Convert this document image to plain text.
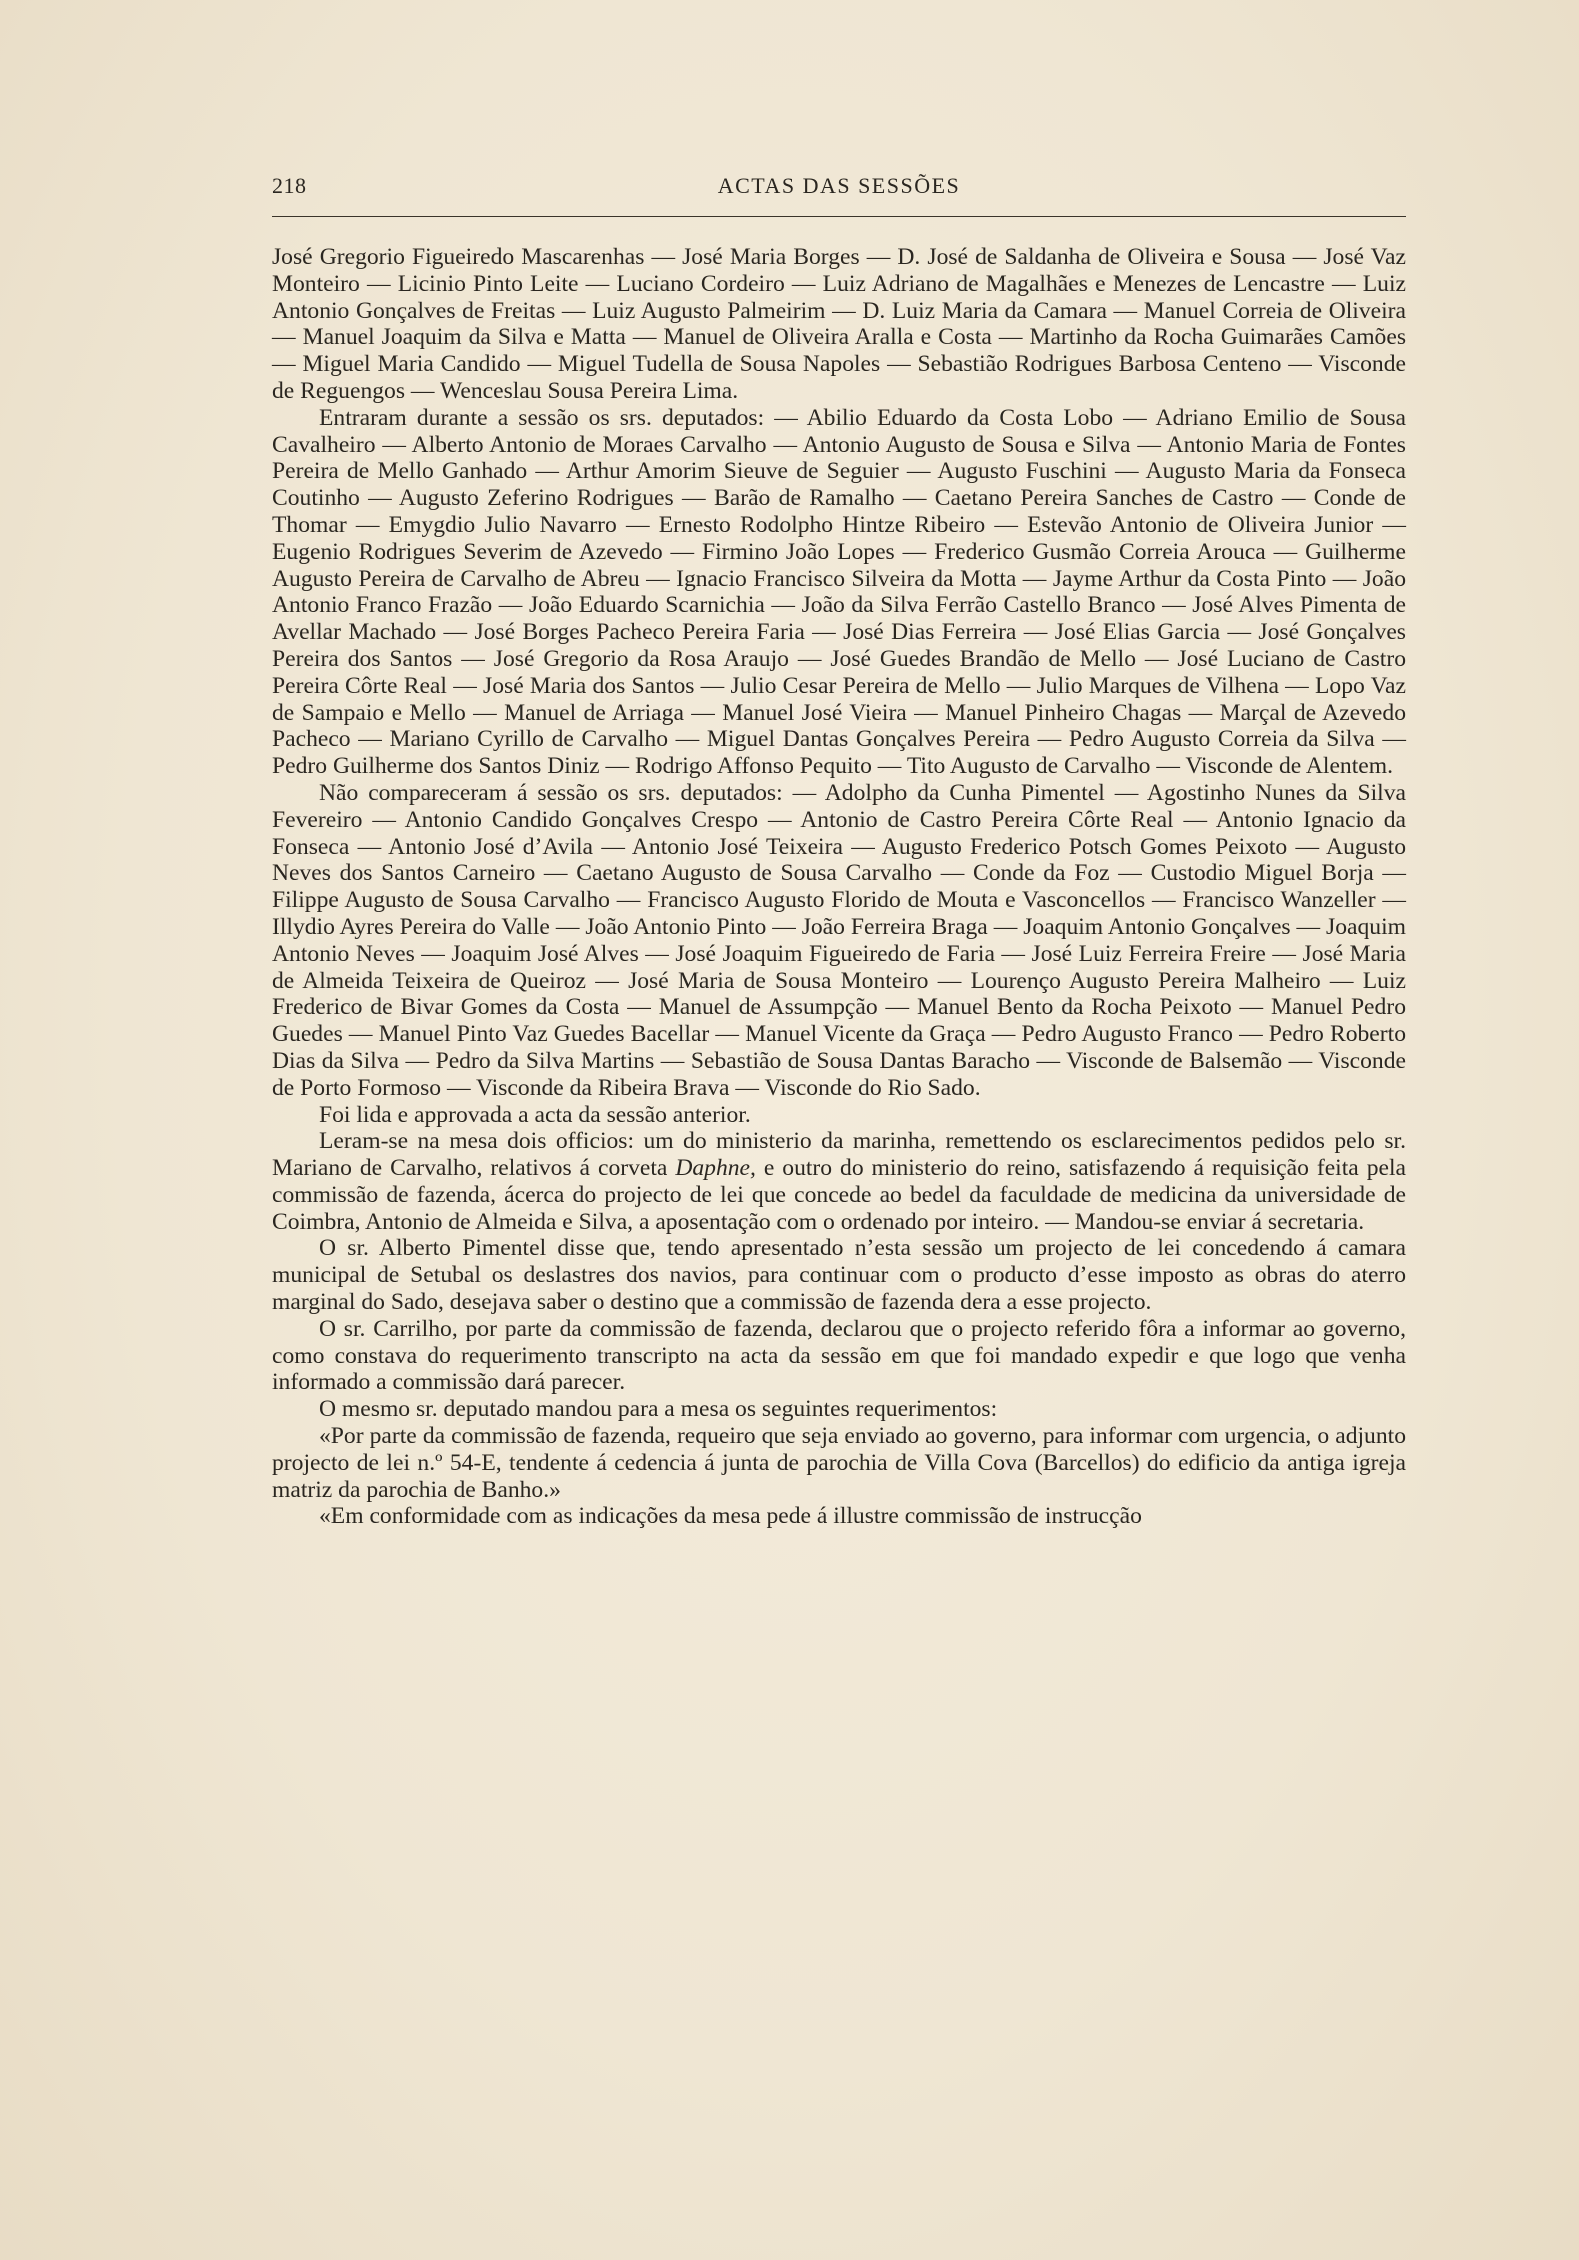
218	ACTAS DAS SESSÕES

José Gregorio Figueiredo Mascarenhas — José Maria Borges — D. José de Saldanha de Oliveira e Sousa — José Vaz Monteiro — Licinio Pinto Leite — Luciano Cordeiro — Luiz Adriano de Magalhães e Menezes de Lencastre — Luiz Antonio Gonçalves de Freitas — Luiz Augusto Palmeirim — D. Luiz Maria da Camara — Manuel Correia de Oliveira — Manuel Joaquim da Silva e Matta — Manuel de Oliveira Aralla e Costa — Martinho da Rocha Guimarães Camões — Miguel Maria Candido — Miguel Tudella de Sousa Napoles — Sebastião Rodrigues Barbosa Centeno — Visconde de Reguengos — Wenceslau Sousa Pereira Lima.

Entraram durante a sessão os srs. deputados: — Abilio Eduardo da Costa Lobo — Adriano Emilio de Sousa Cavalheiro — Alberto Antonio de Moraes Carvalho — Antonio Augusto de Sousa e Silva — Antonio Maria de Fontes Pereira de Mello Ganhado — Arthur Amorim Sieuve de Seguier — Augusto Fuschini — Augusto Maria da Fonseca Coutinho — Augusto Zeferino Rodrigues — Barão de Ramalho — Caetano Pereira Sanches de Castro — Conde de Thomar — Emygdio Julio Navarro — Ernesto Rodolpho Hintze Ribeiro — Estevão Antonio de Oliveira Junior — Eugenio Rodrigues Severim de Azevedo — Firmino João Lopes — Frederico Gusmão Correia Arouca — Guilherme Augusto Pereira de Carvalho de Abreu — Ignacio Francisco Silveira da Motta — Jayme Arthur da Costa Pinto — João Antonio Franco Frazão — João Eduardo Scarnichia — João da Silva Ferrão Castello Branco — José Alves Pimenta de Avellar Machado — José Borges Pacheco Pereira Faria — José Dias Ferreira — José Elias Garcia — José Gonçalves Pereira dos Santos — José Gregorio da Rosa Araujo — José Guedes Brandão de Mello — José Luciano de Castro Pereira Côrte Real — José Maria dos Santos — Julio Cesar Pereira de Mello — Julio Marques de Vilhena — Lopo Vaz de Sampaio e Mello — Manuel de Arriaga — Manuel José Vieira — Manuel Pinheiro Chagas — Marçal de Azevedo Pacheco — Mariano Cyrillo de Carvalho — Miguel Dantas Gonçalves Pereira — Pedro Augusto Correia da Silva — Pedro Guilherme dos Santos Diniz — Rodrigo Affonso Pequito — Tito Augusto de Carvalho — Visconde de Alentem.

Não compareceram á sessão os srs. deputados: — Adolpho da Cunha Pimentel — Agostinho Nunes da Silva Fevereiro — Antonio Candido Gonçalves Crespo — Antonio de Castro Pereira Côrte Real — Antonio Ignacio da Fonseca — Antonio José d’Avila — Antonio José Teixeira — Augusto Frederico Potsch Gomes Peixoto — Augusto Neves dos Santos Carneiro — Caetano Augusto de Sousa Carvalho — Conde da Foz — Custodio Miguel Borja — Filippe Augusto de Sousa Carvalho — Francisco Augusto Florido de Mouta e Vasconcellos — Francisco Wanzeller — Illydio Ayres Pereira do Valle — João Antonio Pinto — João Ferreira Braga — Joaquim Antonio Gonçalves — Joaquim Antonio Neves — Joaquim José Alves — José Joaquim Figueiredo de Faria — José Luiz Ferreira Freire — José Maria de Almeida Teixeira de Queiroz — José Maria de Sousa Monteiro — Lourenço Augusto Pereira Malheiro — Luiz Frederico de Bivar Gomes da Costa — Manuel de Assumpção — Manuel Bento da Rocha Peixoto — Manuel Pedro Guedes — Manuel Pinto Vaz Guedes Bacellar — Manuel Vicente da Graça — Pedro Augusto Franco — Pedro Roberto Dias da Silva — Pedro da Silva Martins — Sebastião de Sousa Dantas Baracho — Visconde de Balsemão — Visconde de Porto Formoso — Visconde da Ribeira Brava — Visconde do Rio Sado.

Foi lida e approvada a acta da sessão anterior.

Leram-se na mesa dois officios: um do ministerio da marinha, remettendo os esclarecimentos pedidos pelo sr. Mariano de Carvalho, relativos á corveta Daphne, e outro do ministerio do reino, satisfazendo á requisição feita pela commissão de fazenda, ácerca do projecto de lei que concede ao bedel da faculdade de medicina da universidade de Coimbra, Antonio de Almeida e Silva, a aposentação com o ordenado por inteiro. — Mandou-se enviar á secretaria.

O sr. Alberto Pimentel disse que, tendo apresentado n’esta sessão um projecto de lei concedendo á camara municipal de Setubal os deslastres dos navios, para continuar com o producto d’esse imposto as obras do aterro marginal do Sado, desejava saber o destino que a commissão de fazenda dera a esse projecto.

O sr. Carrilho, por parte da commissão de fazenda, declarou que o projecto referido fôra a informar ao governo, como constava do requerimento transcripto na acta da sessão em que foi mandado expedir e que logo que venha informado a commissão dará parecer.

O mesmo sr. deputado mandou para a mesa os seguintes requerimentos:

«Por parte da commissão de fazenda, requeiro que seja enviado ao governo, para informar com urgencia, o adjunto projecto de lei n.º 54-E, tendente á cedencia á junta de parochia de Villa Cova (Barcellos) do edificio da antiga igreja matriz da parochia de Banho.»

«Em conformidade com as indicações da mesa pede á illustre commissão de instrucção
